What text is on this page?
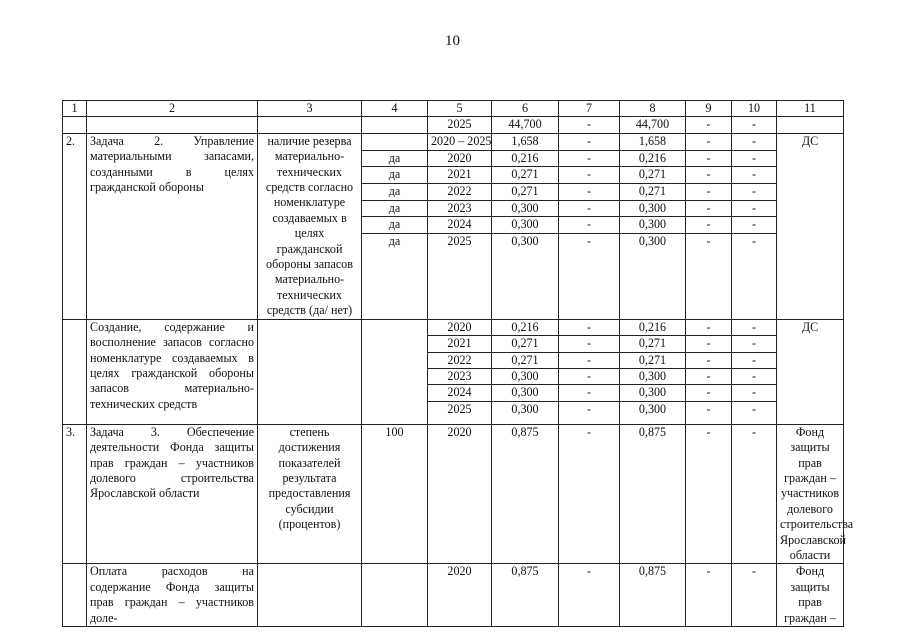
10
1	2	3	4	5	6	7	8	9	10	11
				2025	44,700	-	44,700	-	-	
2.	Задача 2. Управление материальными запасами, созданными в целях гражданской обороны	наличие резерва материально-технических средств согласно номенклатуре создаваемых в целях гражданской обороны запасов материально-технических средств (да/ нет)		2020 – 2025	1,658	-	1,658	-	-	ДС
			да	2020	0,216	-	0,216	-	-	
			да	2021	0,271	-	0,271	-	-	
			да	2022	0,271	-	0,271	-	-	
			да	2023	0,300	-	0,300	-	-	
			да	2024	0,300	-	0,300	-	-	
			да	2025	0,300	-	0,300	-	-	
	Создание, содержание и восполнение запасов согласно номенклатуре создаваемых в целях гражданской обороны запасов материально-технических средств			2020	0,216	-	0,216	-	-	ДС
				2021	0,271	-	0,271	-	-	
				2022	0,271	-	0,271	-	-	
				2023	0,300	-	0,300	-	-	
				2024	0,300	-	0,300	-	-	
				2025	0,300	-	0,300	-	-	
3.	Задача 3. Обеспечение деятельности Фонда защиты прав граждан – участников долевого строительства Ярославской области	степень достижения показателей результата предоставления субсидии (процентов)	100	2020	0,875	-	0,875	-	-	Фонд защиты прав граждан – участников долевого строительства Ярославской области
	Оплата расходов на содержание Фонда защиты прав граждан – участников доле-			2020	0,875	-	0,875	-	-	Фонд защиты прав граждан –
